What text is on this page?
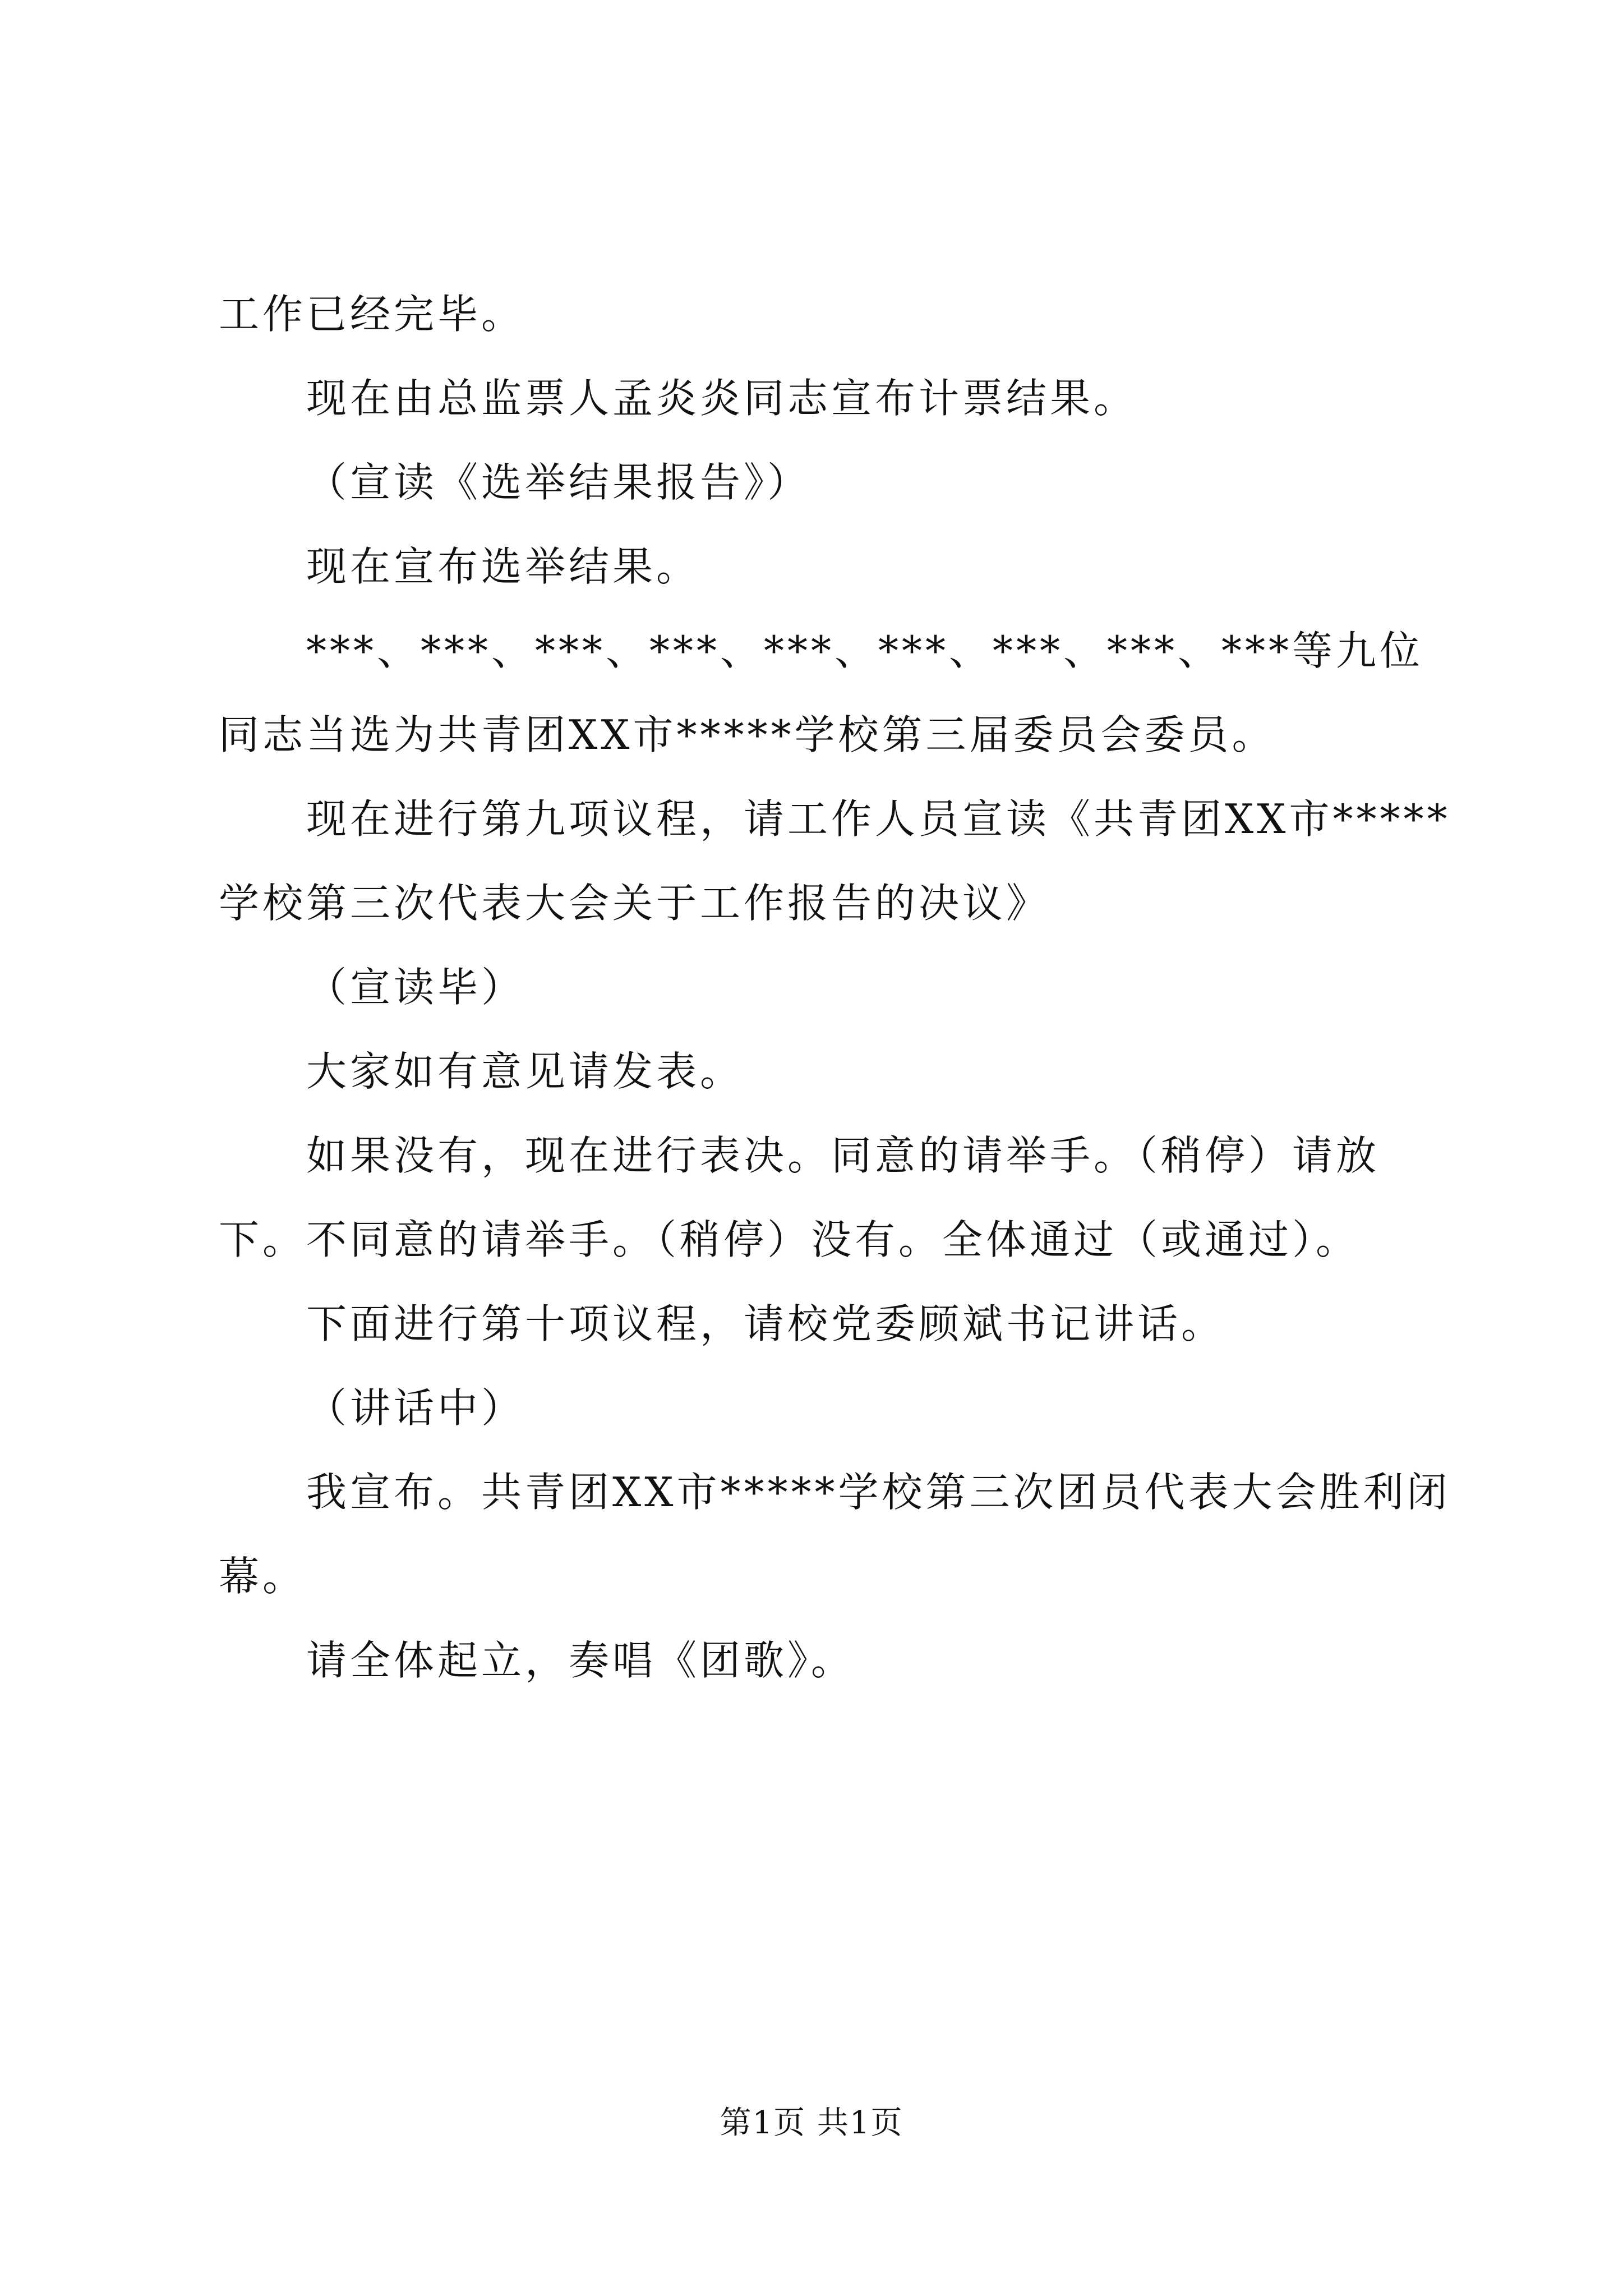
工作已经完毕。

现在由总监票人孟炎炎同志宣布计票结果。

（宣读《选举结果报告》）

现在宣布选举结果。

***、***、***、***、***、***、***、***、***等九位同志当选为共青团XX市*****学校第三届委员会委员。

现在进行第九项议程，请工作人员宣读《共青团XX市*****学校第三次代表大会关于工作报告的决议》

（宣读毕）

大家如有意见请发表。

如果没有，现在进行表决。同意的请举手。（稍停）请放下。不同意的请举手。（稍停）没有。全体通过（或通过）。

下面进行第十项议程，请校党委顾斌书记讲话。

（讲话中）

我宣布。共青团XX市*****学校第三次团员代表大会胜利闭幕。

请全体起立，奏唱《团歌》。

第1页 共1页
